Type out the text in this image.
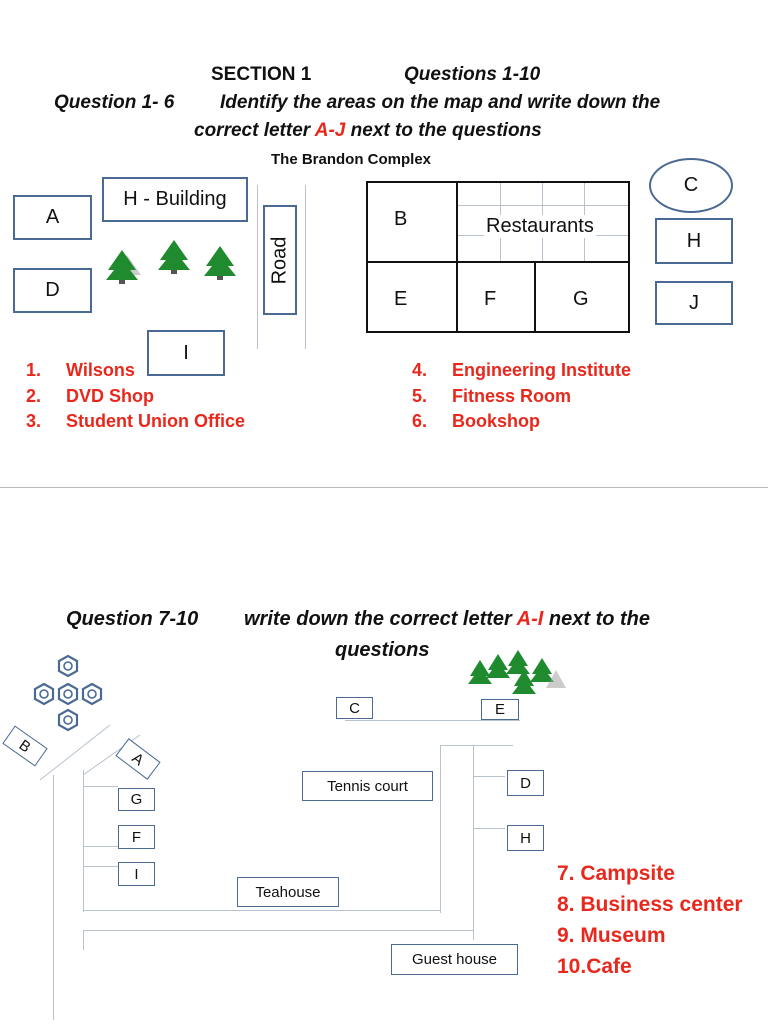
SECTION 1	Questions 1-10
Question 1- 6 Identify the areas on the map and write down the
correct letter A-J next to the questions
The Brandon Complex
A
D
H - Building
Road
I
B	Restaurants
E	F	G
C
H
J
1. Wilsons
2. DVD Shop
3. Student Union Office
4. Engineering Institute
5. Fitness Room
6. Bookshop
Question 7-10 write down the correct letter A-I next to the
questions
C	E
B
A
G
F
I
Tennis court	D
H
Teahouse
Guest house
7. Campsite
8. Business center
9. Museum
10.Cafe
